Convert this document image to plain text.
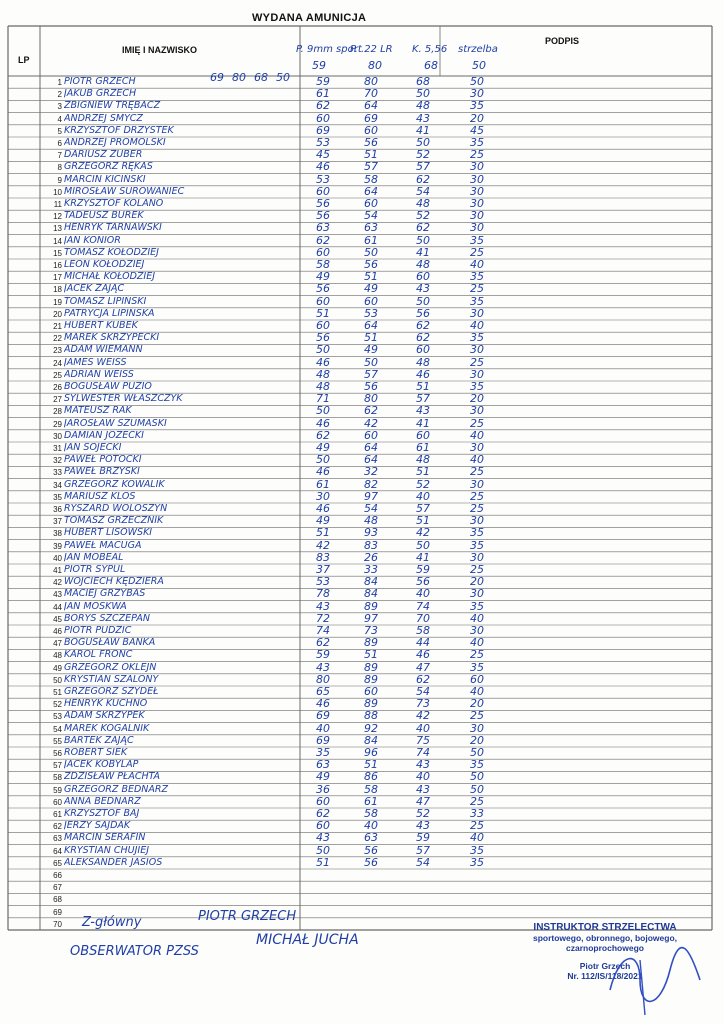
WYDANA AMUNICJA
LP
IMIĘ I NAZWISKO
PODPIS
P. 9mm sport
P. .22 LR K. 5,56 strzelba
59	80	68	50
69 80 68 50
1 PIOTR GRZECH	59	80	68	50
2 JAKUB GRZECH	61	70	50	30
3 ZBIGNIEW TRĘBACZ	62	64	48	35
4 ANDRZEJ SMYCZ	60	69	43	20
5 KRZYSZTOF DRZYSTEK	69	60	41	45
6 ANDRZEJ PROMOLSKI	53	56	50	35
7 DARIUSZ ŻUBER	45	51	52	25
8 GRZEGORZ RĘKAS	46	57	57	30
9 MARCIN KICIŃSKI	53	58	62	30
10 MIROSŁAW SUROWANIEC	60	64	54	30
11 KRZYSZTOF KOLANO	56	60	48	30
12 TADEUSZ BUREK	56	54	52	30
13 HENRYK TARNAWSKI	63	63	62	30
14 JAN KONIOR	62	61	50	35
15 TOMASZ KOŁODZIEJ	60	50	41	25
16 LEON KOŁODZIEJ	58	56	48	40
17 MICHAŁ KOŁODZIEJ	49	51	60	35
18 JACEK ZAJĄC	56	49	43	25
19 TOMASZ LIPIŃSKI	60	60	50	35
20 PATRYCJA LIPIŃSKA	51	53	56	30
21 HUBERT KUBEK	60	64	62	40
22 MAREK SKRZYPECKI	56	51	62	35
23 ADAM WIEMANN	50	49	60	30
24 JAMES WEISS	46	50	48	25
25 ADRIAN WEISS	48	57	46	30
26 BOGUSŁAW PUZIO	48	56	51	35
27 SYLWESTER WŁASZCZYK	71	80	57	20
28 MATEUSZ RAK	50	62	43	30
29 JAROSŁAW SZUMASKI	46	42	41	25
30 DAMIAN JOZECKI	62	60	60	40
31 JAN SOJECKI	49	64	61	30
32 PAWEŁ POTOCKI	50	64	48	40
33 PAWEŁ BRZYSKI	46	32	51	25
34 GRZEGORZ KOWALIK	61	82	52	30
35 MARIUSZ KLOS	30	97	40	25
36 RYSZARD WOLOSZYN	46	54	57	25
37 TOMASZ GRZECZNIK	49	48	51	30
38 HUBERT LISOWSKI	51	93	42	35
39 PAWEŁ MACUGA	42	83	50	35
40 JAN MOBEAL	83	26	41	30
41 PIOTR SYPUL	37	33	59	25
42 WOJCIECH KĘDZIERA	53	84	56	20
43 MACIEJ GRZYBAS	78	84	40	30
44 JAN MOSKWA	43	89	74	35
45 BORYS SZCZEPAN	72	97	70	40
46 PIOTR PUDZIC	74	73	58	30
47 BOGUSŁAW BANKA	62	89	44	40
48 KAROL FRONC	59	51	46	25
49 GRZEGORZ OKLEJN	43	89	47	35
50 KRYSTIAN SZALONY	80	89	62	60
51 GRZEGORZ SZYDEŁ	65	60	54	40
52 HENRYK KUCHNO	46	89	73	20
53 ADAM SKRZYPEK	69	88	42	25
54 MAREK KOGALNIK	40	92	40	30
55 BARTEK ZAJĄC	69	84	75	20
56 ROBERT SIEK	35	96	74	50
57 JACEK KOBYLAP	63	51	43	35
58 ZDZISŁAW PŁACHTA	49	86	40	50
59 GRZEGORZ BEDNARZ	36	58	43	50
60 ANNA BEDNARZ	60	61	47	25
61 KRZYSZTOF BAJ	62	58	52	33
62 JERZY SAJDAK	60	40	43	25
63 MARCIN SERAFIN	43	63	59	40
64 KRYSTIAN CHUJIEJ	50	56	57	35
65 ALEKSANDER JASIOS	51	56	54	35
66
67
68
69
70 Z-główny	PIOTR GRZECH
OBSERWATOR PZSS
MICHAŁ JUCHA
INSTRUKTOR STRZELECTWA
sportowego, obronnego, bojowego,
czarnoprochowego
Piotr Grzech
Nr. 112/IS/118/2021
